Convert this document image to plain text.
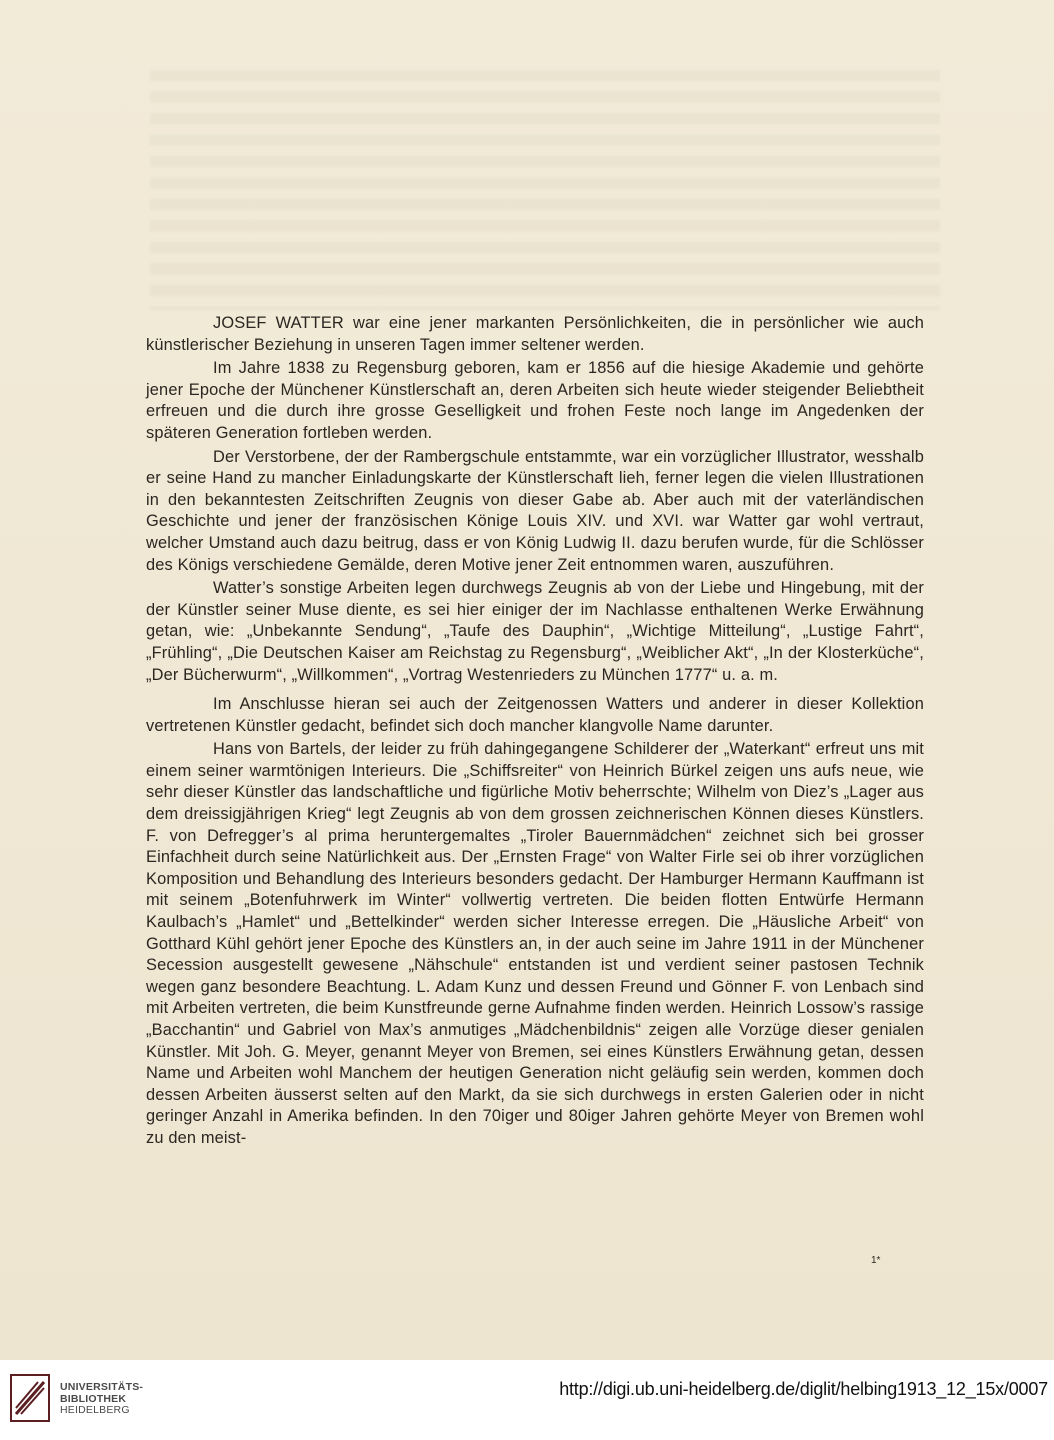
JOSEF WATTER war eine jener markanten Persönlichkeiten, die in persönlicher wie auch künstlerischer Beziehung in unseren Tagen immer seltener werden.

Im Jahre 1838 zu Regensburg geboren, kam er 1856 auf die hiesige Akademie und gehörte jener Epoche der Münchener Künstlerschaft an, deren Arbeiten sich heute wieder steigender Beliebtheit erfreuen und die durch ihre grosse Geselligkeit und frohen Feste noch lange im Angedenken der späteren Generation fortleben werden.

Der Verstorbene, der der Rambergschule entstammte, war ein vorzüglicher Illustrator, wesshalb er seine Hand zu mancher Einladungskarte der Künstlerschaft lieh, ferner legen die vielen Illustrationen in den bekanntesten Zeitschriften Zeugnis von dieser Gabe ab. Aber auch mit der vaterländischen Geschichte und jener der französischen Könige Louis XIV. und XVI. war Watter gar wohl vertraut, welcher Umstand auch dazu beitrug, dass er von König Ludwig II. dazu berufen wurde, für die Schlösser des Königs verschiedene Gemälde, deren Motive jener Zeit entnommen waren, auszuführen.

Watter’s sonstige Arbeiten legen durchwegs Zeugnis ab von der Liebe und Hingebung, mit der der Künstler seiner Muse diente, es sei hier einiger der im Nachlasse enthaltenen Werke Erwähnung getan, wie: „Unbekannte Sendung“, „Taufe des Dauphin“, „Wichtige Mitteilung“, „Lustige Fahrt“, „Frühling“, „Die Deutschen Kaiser am Reichstag zu Regensburg“, „Weiblicher Akt“, „In der Klosterküche“, „Der Bücherwurm“, „Willkommen“, „Vortrag Westenrieders zu München 1777“ u. a. m.

Im Anschlusse hieran sei auch der Zeitgenossen Watters und anderer in dieser Kollektion vertretenen Künstler gedacht, befindet sich doch mancher klangvolle Name darunter.

Hans von Bartels, der leider zu früh dahingegangene Schilderer der „Waterkant“ erfreut uns mit einem seiner warmtönigen Interieurs. Die „Schiffsreiter“ von Heinrich Bürkel zeigen uns aufs neue, wie sehr dieser Künstler das landschaftliche und figürliche Motiv beherrschte; Wilhelm von Diez’s „Lager aus dem dreissigjährigen Krieg“ legt Zeugnis ab von dem grossen zeichnerischen Können dieses Künstlers. F. von Defregger’s al prima heruntergemaltes „Tiroler Bauernmädchen“ zeichnet sich bei grosser Einfachheit durch seine Natürlichkeit aus. Der „Ernsten Frage“ von Walter Firle sei ob ihrer vorzüglichen Komposition und Behandlung des Interieurs besonders gedacht. Der Hamburger Hermann Kauffmann ist mit seinem „Botenfuhrwerk im Winter“ vollwertig vertreten. Die beiden flotten Entwürfe Hermann Kaulbach’s „Hamlet“ und „Bettelkinder“ werden sicher Interesse erregen. Die „Häusliche Arbeit“ von Gotthard Kühl gehört jener Epoche des Künstlers an, in der auch seine im Jahre 1911 in der Münchener Secession ausgestellt gewesene „Nähschule“ entstanden ist und verdient seiner pastosen Technik wegen ganz besondere Beachtung. L. Adam Kunz und dessen Freund und Gönner F. von Lenbach sind mit Arbeiten vertreten, die beim Kunstfreunde gerne Aufnahme finden werden. Heinrich Lossow’s rassige „Bacchantin“ und Gabriel von Max’s anmutiges „Mädchenbildnis“ zeigen alle Vorzüge dieser genialen Künstler. Mit Joh. G. Meyer, genannt Meyer von Bremen, sei eines Künstlers Erwähnung getan, dessen Name und Arbeiten wohl Manchem der heutigen Generation nicht geläufig sein werden, kommen doch dessen Arbeiten äusserst selten auf den Markt, da sie sich durchwegs in ersten Galerien oder in nicht geringer Anzahl in Amerika befinden. In den 70iger und 80iger Jahren gehörte Meyer von Bremen wohl zu den meist-

1*
UNIVERSITÄTS-
BIBLIOTHEK
HEIDELBERG
http://digi.ub.uni-heidelberg.de/diglit/helbing1913_12_15x/0007
